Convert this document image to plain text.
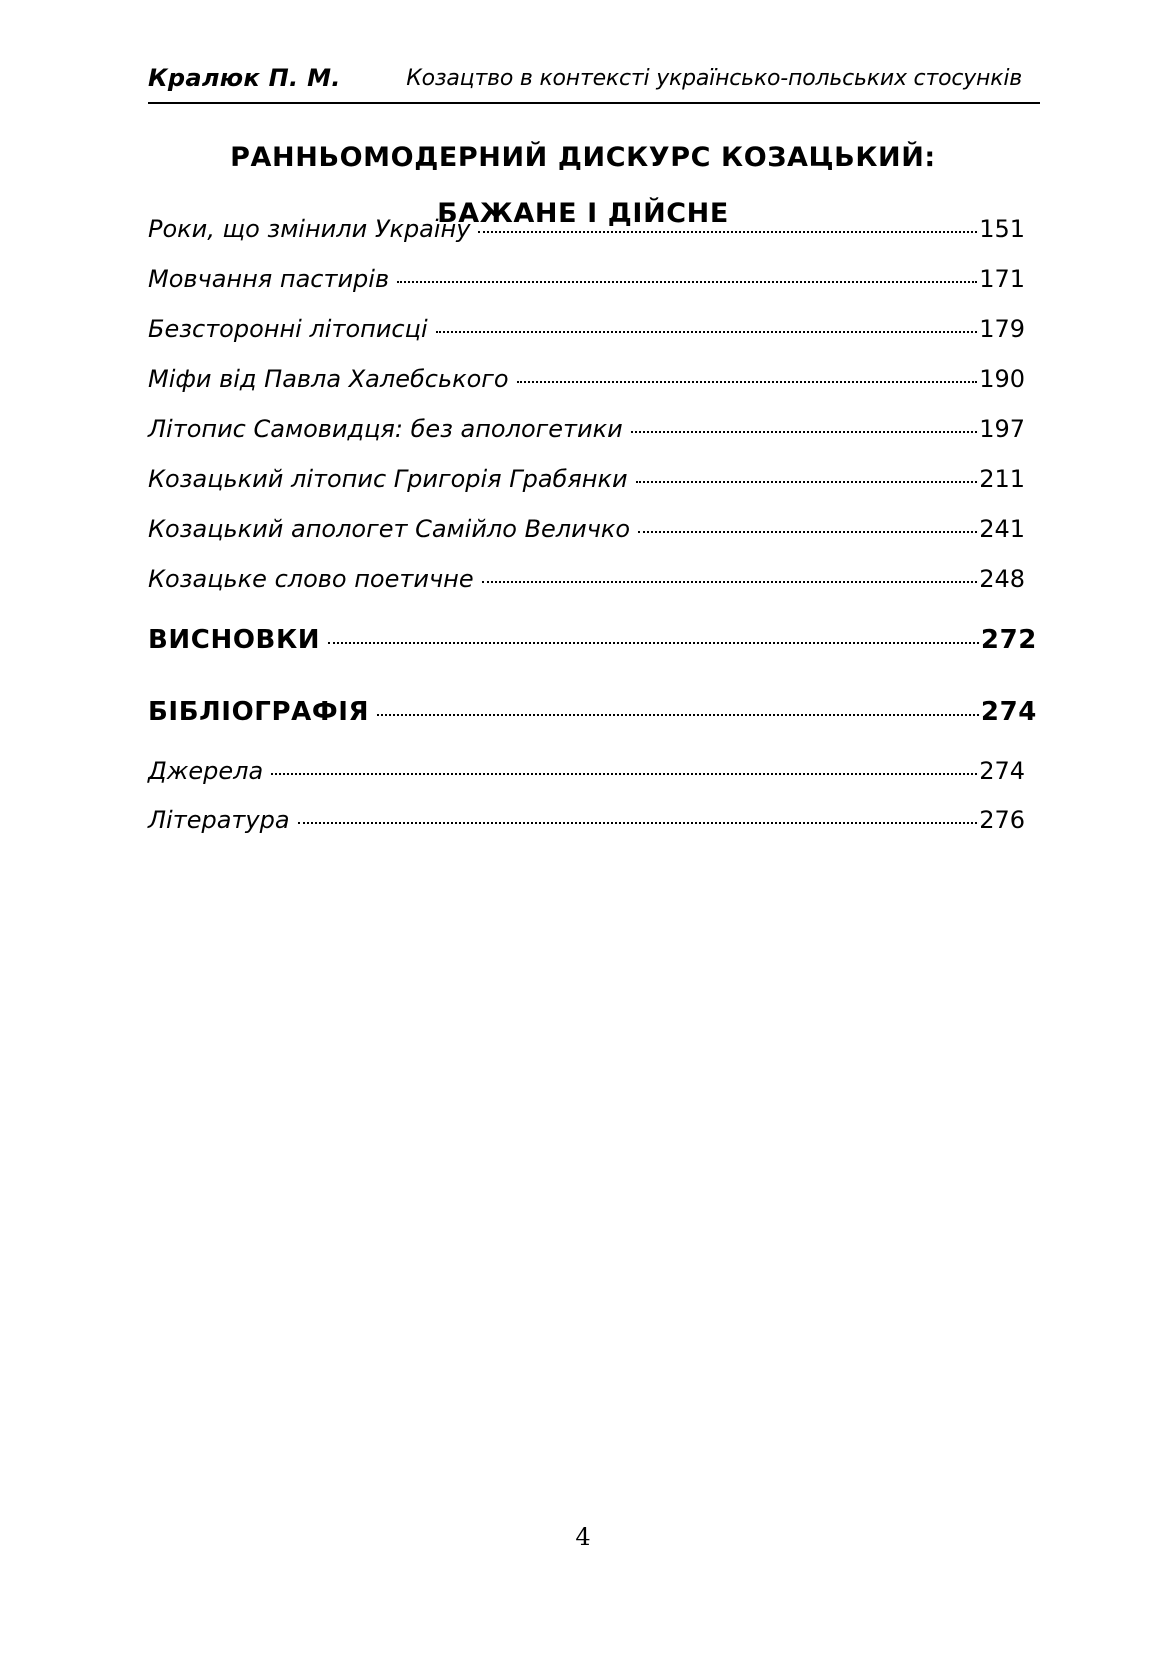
Кралюк П. М.	Козацтво в контексті українсько-польських стосунків
РАННЬОМОДЕРНИЙ ДИСКУРС КОЗАЦЬКИЙ:
БАЖАНЕ І ДІЙСНЕ
Роки, що змінили Україну	151
Мовчання пастирів	171
Безсторонні літописці	179
Міфи від Павла Халебського	190
Літопис Самовидця: без апологетики	197
Козацький літопис Григорія Грабянки	211
Козацький апологет Самійло Величко	241
Козацьке слово поетичне	248
ВИСНОВКИ	272
БІБЛІОГРАФІЯ	274
Джерела	274
Література	276
4
